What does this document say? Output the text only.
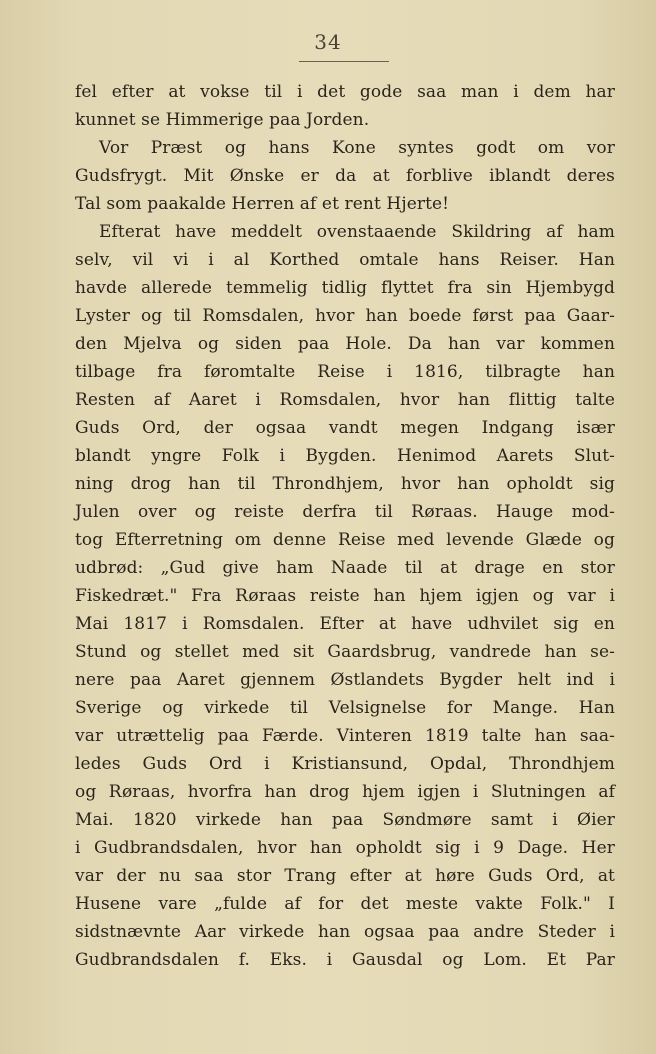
34
fel efter at vokse til i det gode saa man i dem har
kunnet se Himmerige paa Jorden.
Vor Præst og hans Kone syntes godt om vor
Gudsfrygt. Mit Ønske er da at forblive iblandt deres
Tal som paakalde Herren af et rent Hjerte!
Efterat have meddelt ovenstaaende Skildring af ham
selv, vil vi i al Korthed omtale hans Reiser. Han
havde allerede temmelig tidlig flyttet fra sin Hjembygd
Lyster og til Romsdalen, hvor han boede først paa Gaar-
den Mjelva og siden paa Hole. Da han var kommen
tilbage fra føromtalte Reise i 1816, tilbragte han
Resten af Aaret i Romsdalen, hvor han flittig talte
Guds Ord, der ogsaa vandt megen Indgang især
blandt yngre Folk i Bygden. Henimod Aarets Slut-
ning drog han til Throndhjem, hvor han opholdt sig
Julen over og reiste derfra til Røraas. Hauge mod-
tog Efterretning om denne Reise med levende Glæde og
udbrød: „Gud give ham Naade til at drage en stor
Fiskedræt." Fra Røraas reiste han hjem igjen og var i
Mai 1817 i Romsdalen. Efter at have udhvilet sig en
Stund og stellet med sit Gaardsbrug, vandrede han se-
nere paa Aaret gjennem Østlandets Bygder helt ind i
Sverige og virkede til Velsignelse for Mange. Han
var utrættelig paa Færde. Vinteren 1819 talte han saa-
ledes Guds Ord i Kristiansund, Opdal, Throndhjem
og Røraas, hvorfra han drog hjem igjen i Slutningen af
Mai. 1820 virkede han paa Søndmøre samt i Øier
i Gudbrandsdalen, hvor han opholdt sig i 9 Dage. Her
var der nu saa stor Trang efter at høre Guds Ord, at
Husene vare „fulde af for det meste vakte Folk." I
sidstnævnte Aar virkede han ogsaa paa andre Steder i
Gudbrandsdalen f. Eks. i Gausdal og Lom. Et Par
